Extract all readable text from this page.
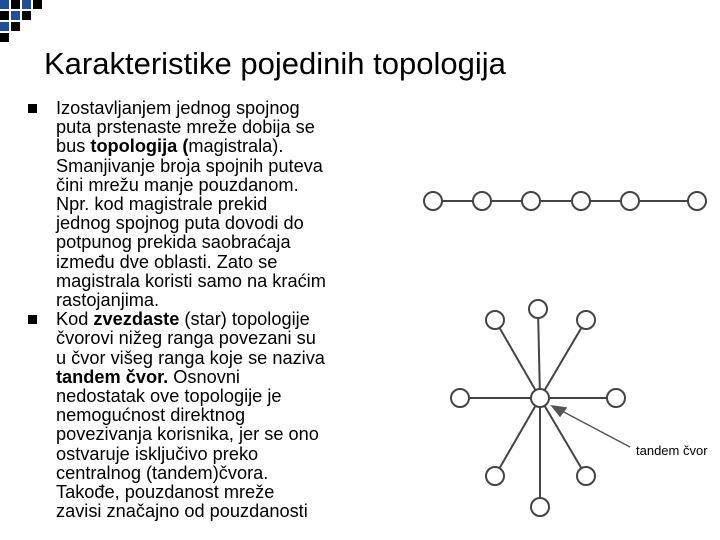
Karakteristike pojedinih topologija
Izostavljanjem jednog spojnog
puta prstenaste mreže dobija se
bus topologija (magistrala).
Smanjivanje broja spojnih puteva
čini mrežu manje pouzdanom.
Npr. kod magistrale prekid
jednog spojnog puta dovodi do
potpunog prekida saobraćaja
između dve oblasti. Zato se
magistrala koristi samo na kraćim
rastojanjima.
Kod zvezdaste (star) topologije
čvorovi nižeg ranga povezani su
u čvor višeg ranga koje se naziva
tandem čvor. Osnovni
nedostatak ove topologije je
nemogućnost direktnog
povezivanja korisnika, jer se ono
ostvaruje isključivo preko
centralnog (tandem)čvora.
Takođe, pouzdanost mreže
zavisi značajno od pouzdanosti
tandem čvor
